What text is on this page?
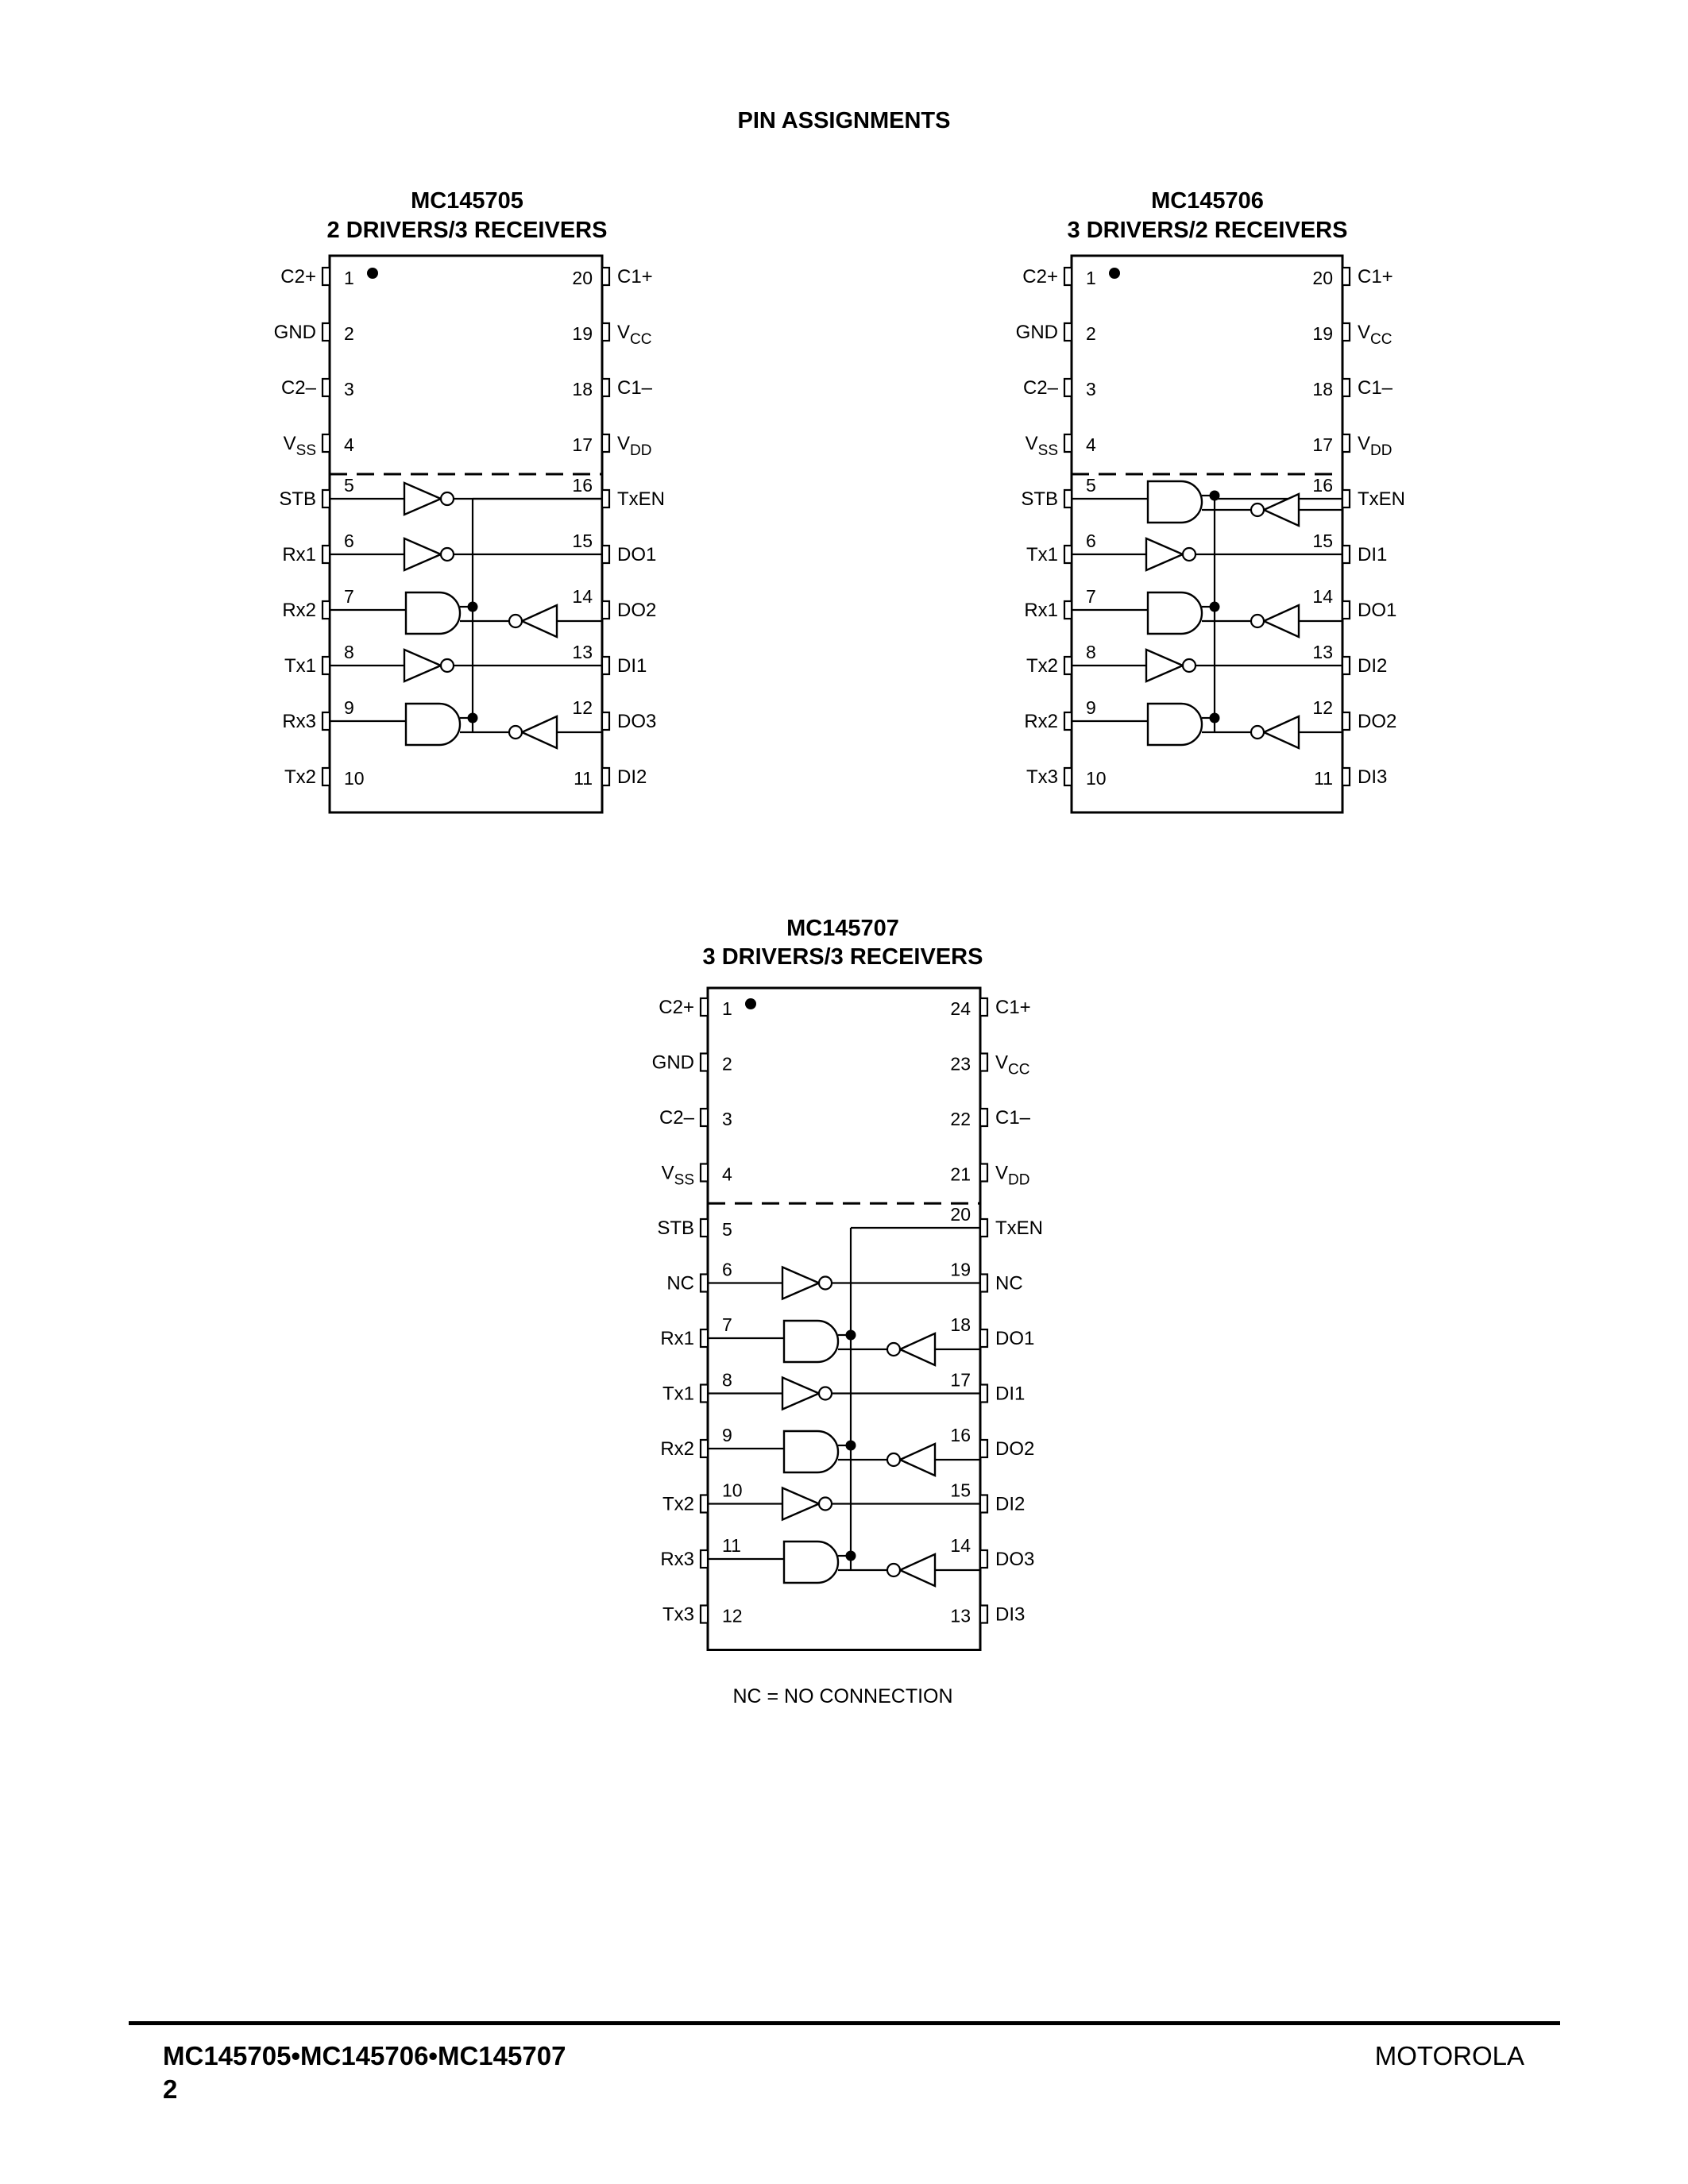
PIN ASSIGNMENTS
MC145705
2 DRIVERS/3 RECEIVERS
C2+
GND
C2–
$V_{SS}$
STB
Rx1
Rx2
Tx1
Rx3
Tx2
C1+
$V_{CC}$
C1–
$V_{DD}$
TxEN
DO1
DO2
DI1
DO3
DI2
1
2
3
4
5
6
7
8
9
10
20
19
18
17
16
15
14
13
12
11
MC145706
3 DRIVERS/2 RECEIVERS
C2+
GND
C2–
$V_{SS}$
STB
Tx1
Rx1
Tx2
Rx2
Tx3
C1+
$V_{CC}$
C1–
$V_{DD}$
TxEN
DI1
DO1
DI2
DO2
DI3
1
2
3
4
5
6
7
8
9
10
20
19
18
17
16
15
14
13
12
11
MC145707
3 DRIVERS/3 RECEIVERS
C2+
GND
C2–
$V_{SS}$
STB
NC
Rx1
Tx1
Rx2
Tx2
Rx3
Tx3
C1+
$V_{CC}$
C1–
$V_{DD}$
TxEN
NC
DO1
DI1
DO2
DI2
DO3
DI3
1
2
3
4
5
6
7
8
9
10
11
12
24
23
22
21
20
19
18
17
16
15
14
13
NC = NO CONNECTION
MC145705•MC145706•MC145707
2
MOTOROLA
